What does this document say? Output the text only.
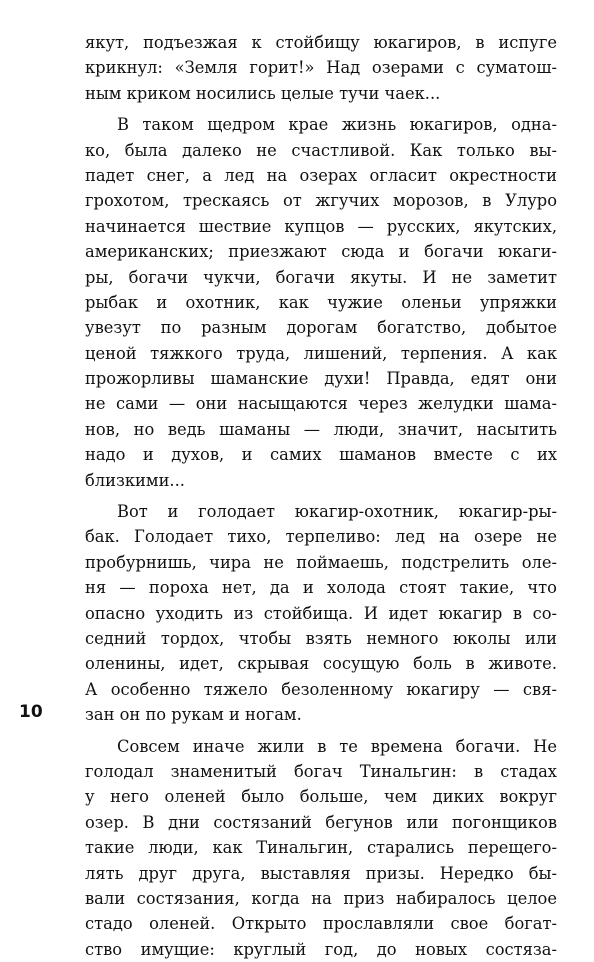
10
якут, подъезжая к стойбищу юкагиров, в испуге
крикнул: «Земля горит!» Над озерами с суматош-
ным криком носились целые тучи чаек...
В таком щедром крае жизнь юкагиров, одна-
ко, была далеко не счастливой. Как только вы-
падет снег, а лед на озерах огласит окрестности
грохотом, трескаясь от жгучих морозов, в Улуро
начинается шествие купцов — русских, якутских,
американских; приезжают сюда и богачи юкаги-
ры, богачи чукчи, богачи якуты. И не заметит
рыбак и охотник, как чужие оленьи упряжки
увезут по разным дорогам богатство, добытое
ценой тяжкого труда, лишений, терпения. А как
прожорливы шаманские духи! Правда, едят они
не сами — они насыщаются через желудки шама-
нов, но ведь шаманы — люди, значит, насытить
надо и духов, и самих шаманов вместе с их
близкими...
Вот и голодает юкагир-охотник, юкагир-ры-
бак. Голодает тихо, терпеливо: лед на озере не
пробурнишь, чира не поймаешь, подстрелить оле-
ня — пороха нет, да и холода стоят такие, что
опасно уходить из стойбища. И идет юкагир в со-
седний тордох, чтобы взять немного юколы или
оленины, идет, скрывая сосущую боль в животе.
А особенно тяжело безоленному юкагиру — свя-
зан он по рукам и ногам.
Совсем иначе жили в те времена богачи. Не
голодал знаменитый богач Тинальгин: в стадах
у него оленей было больше, чем диких вокруг
озер. В дни состязаний бегунов или погонщиков
такие люди, как Тинальгин, старались перещего-
лять друг друга, выставляя призы. Нередко бы-
вали состязания, когда на приз набиралось целое
стадо оленей. Открыто прославляли свое богат-
ство имущие: круглый год, до новых состяза-
